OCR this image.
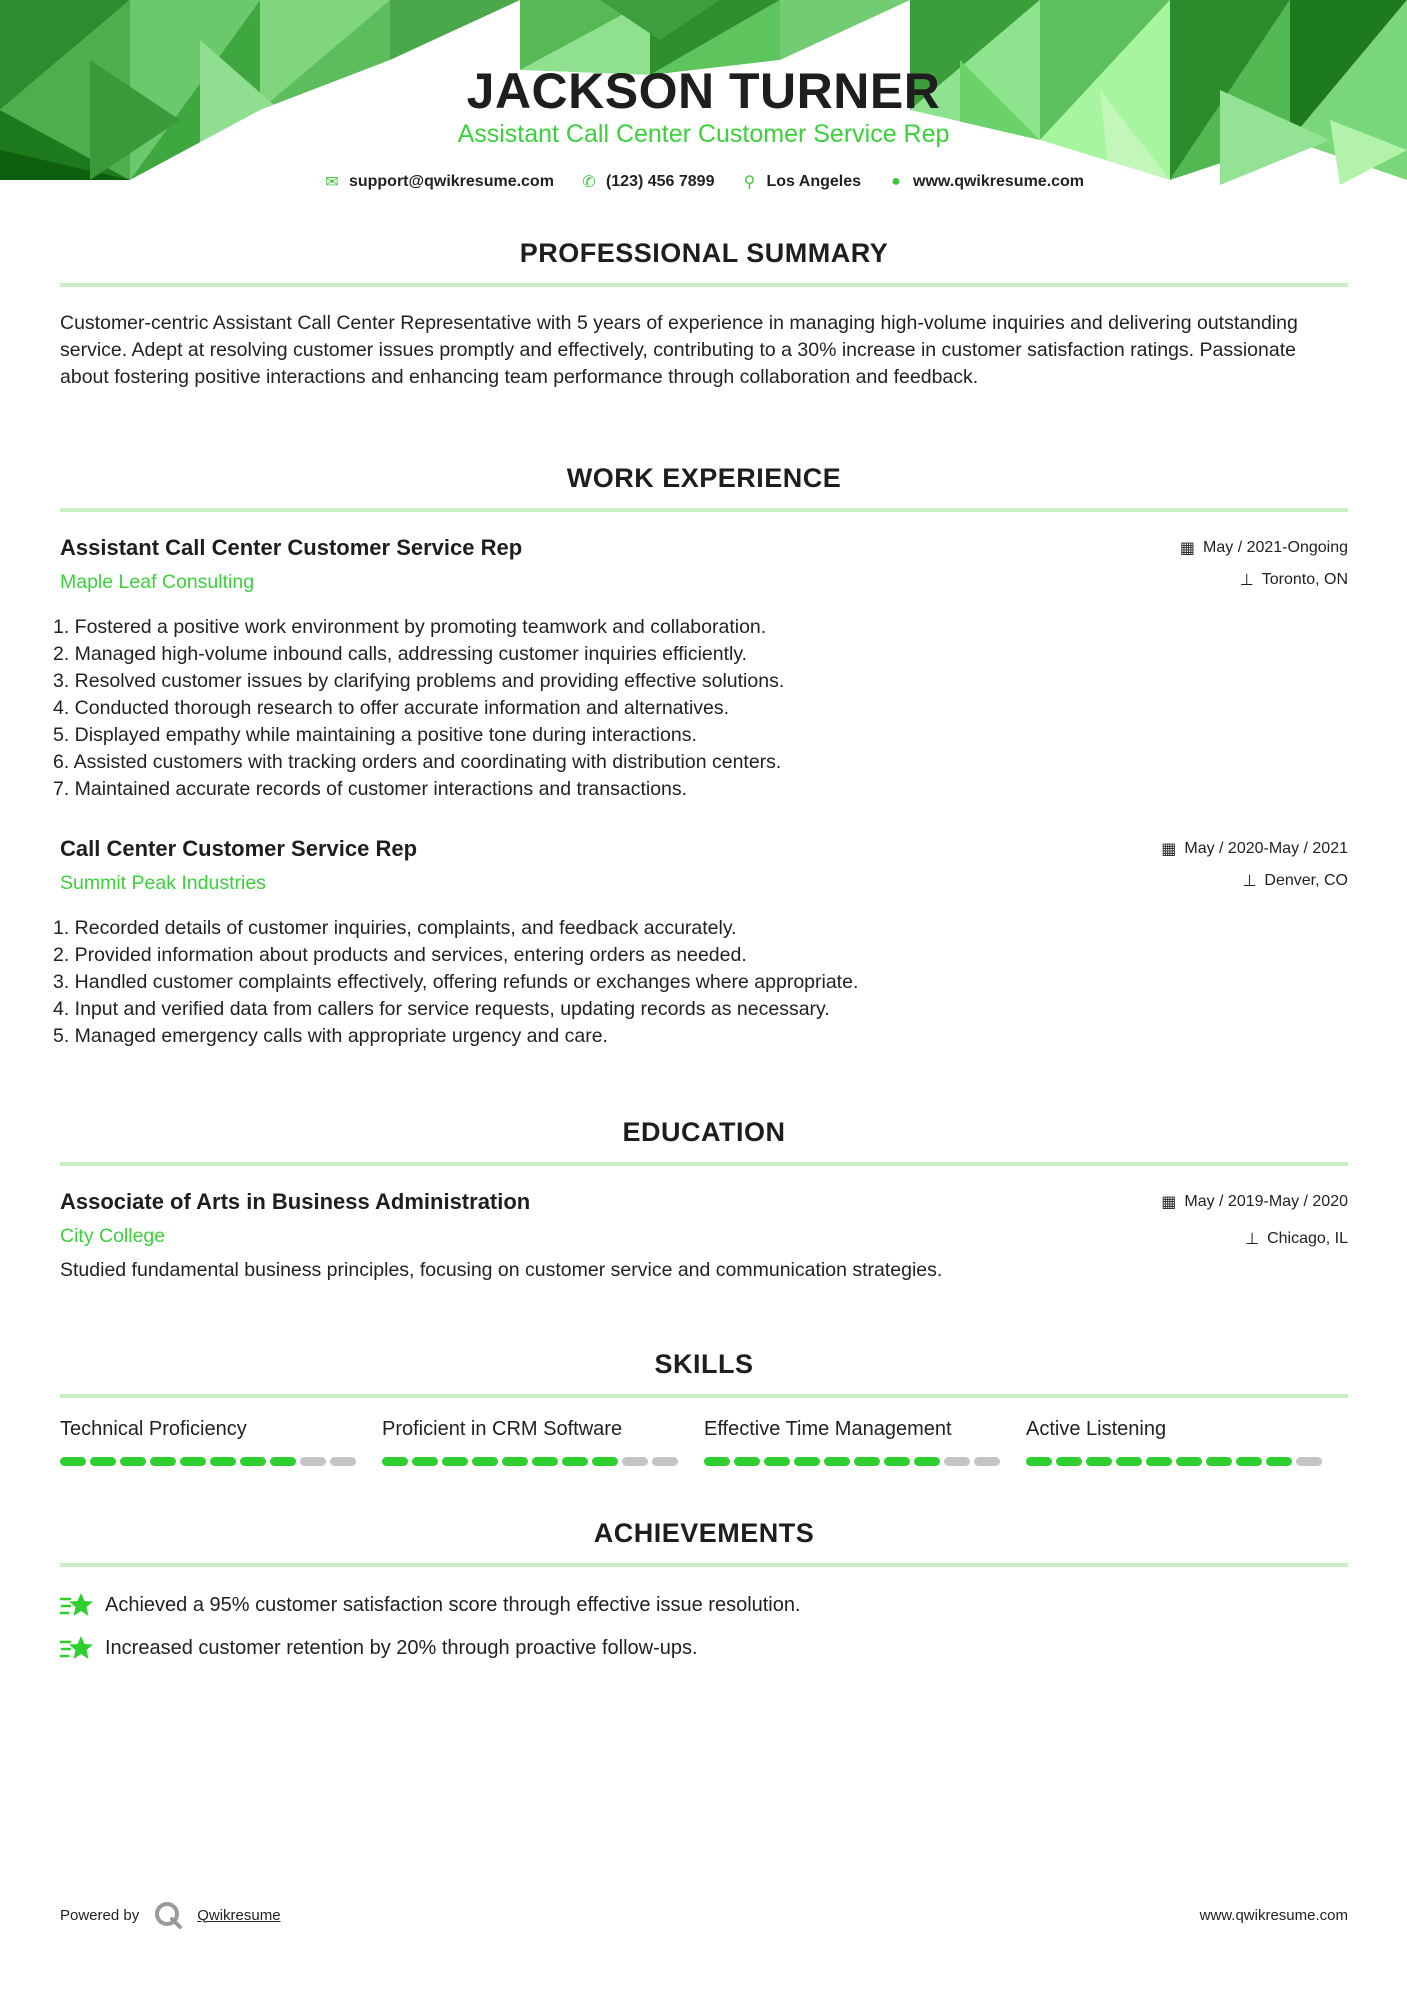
JACKSON TURNER
Assistant Call Center Customer Service Rep
✉ support@qwikresume.com ✆ (123) 456 7899 ⚲ Los Angeles ● www.qwikresume.com
PROFESSIONAL SUMMARY
Customer-centric Assistant Call Center Representative with 5 years of experience in managing high-volume inquiries and delivering outstanding service. Adept at resolving customer issues promptly and effectively, contributing to a 30% increase in customer satisfaction ratings. Passionate about fostering positive interactions and enhancing team performance through collaboration and feedback.
WORK EXPERIENCE
Assistant Call Center Customer Service Rep
Maple Leaf Consulting
▦ May / 2021-Ongoing
⊥ Toronto, ON
1. Fostered a positive work environment by promoting teamwork and collaboration.
2. Managed high-volume inbound calls, addressing customer inquiries efficiently.
3. Resolved customer issues by clarifying problems and providing effective solutions.
4. Conducted thorough research to offer accurate information and alternatives.
5. Displayed empathy while maintaining a positive tone during interactions.
6. Assisted customers with tracking orders and coordinating with distribution centers.
7. Maintained accurate records of customer interactions and transactions.
Call Center Customer Service Rep
Summit Peak Industries
▦ May / 2020-May / 2021
⊥ Denver, CO
1. Recorded details of customer inquiries, complaints, and feedback accurately.
2. Provided information about products and services, entering orders as needed.
3. Handled customer complaints effectively, offering refunds or exchanges where appropriate.
4. Input and verified data from callers for service requests, updating records as necessary.
5. Managed emergency calls with appropriate urgency and care.
EDUCATION
Associate of Arts in Business Administration
City College
▦ May / 2019-May / 2020
⊥ Chicago, IL
Studied fundamental business principles, focusing on customer service and communication strategies.
SKILLS
Technical Proficiency	Proficient in CRM Software	Effective Time Management	Active Listening
ACHIEVEMENTS
Achieved a 95% customer satisfaction score through effective issue resolution.
Increased customer retention by 20% through proactive follow-ups.
Powered by	Qwikresume	www.qwikresume.com
